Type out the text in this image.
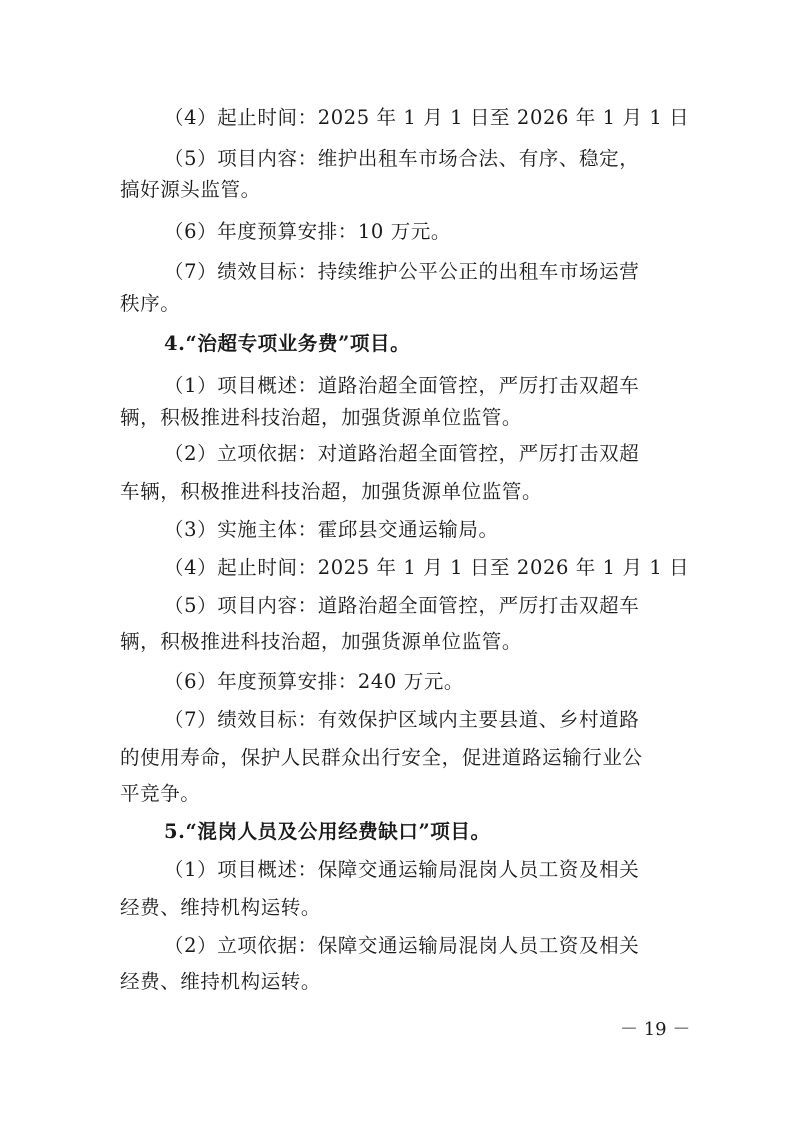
（4）起止时间：2025 年 1 月 1 日至 2026 年 1 月 1 日
（5）项目内容：维护出租车市场合法、有序、稳定，
搞好源头监管。
（6）年度预算安排：10 万元。
（7）绩效目标：持续维护公平公正的出租车市场运营
秩序。
4.“治超专项业务费”项目。
（1）项目概述：道路治超全面管控，严厉打击双超车
辆，积极推进科技治超，加强货源单位监管。
（2）立项依据：对道路治超全面管控，严厉打击双超
车辆，积极推进科技治超，加强货源单位监管。
（3）实施主体：霍邱县交通运输局。
（4）起止时间：2025 年 1 月 1 日至 2026 年 1 月 1 日
（5）项目内容：道路治超全面管控，严厉打击双超车
辆，积极推进科技治超，加强货源单位监管。
（6）年度预算安排：240 万元。
（7）绩效目标：有效保护区域内主要县道、乡村道路
的使用寿命，保护人民群众出行安全，促进道路运输行业公
平竞争。
5.“混岗人员及公用经费缺口”项目。
（1）项目概述：保障交通运输局混岗人员工资及相关
经费、维持机构运转。
（2）立项依据：保障交通运输局混岗人员工资及相关
经费、维持机构运转。
－ 19 －
